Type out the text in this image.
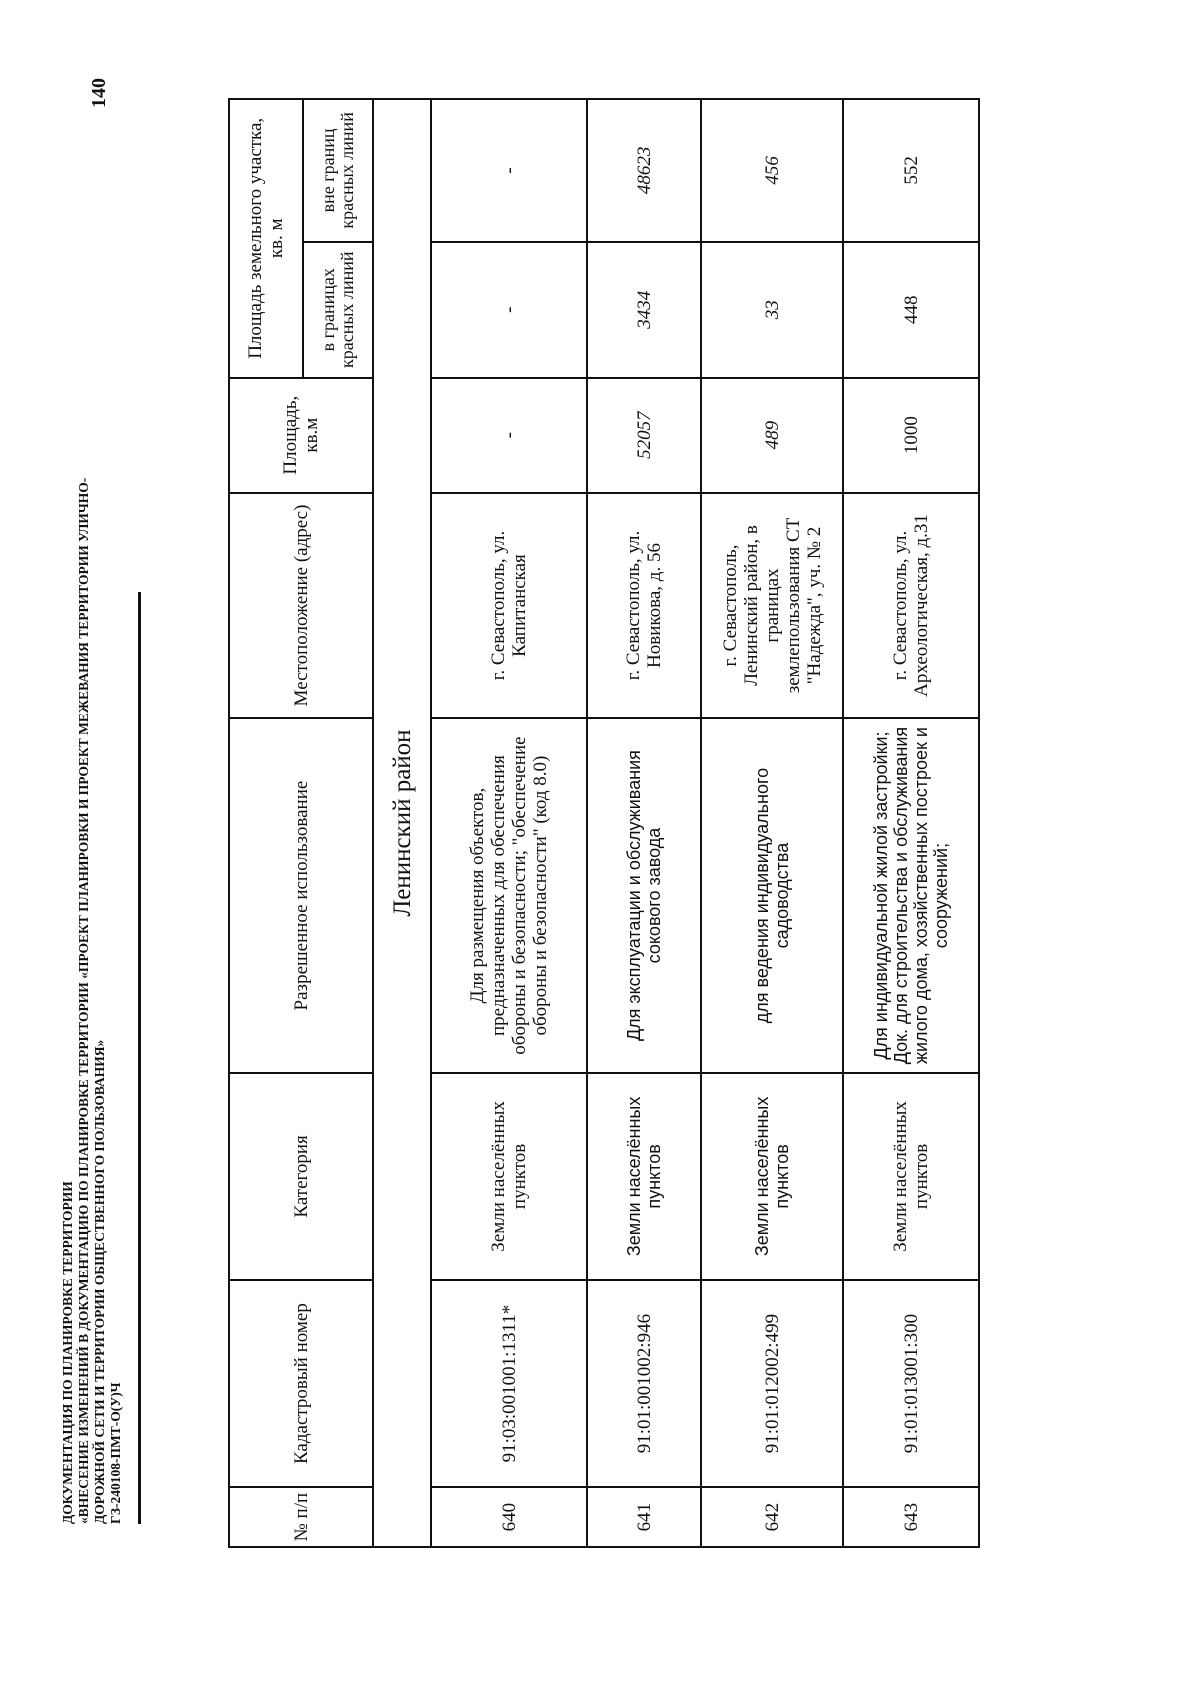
ДОКУМЕНТАЦИЯ ПО ПЛАНИРОВКЕ ТЕРРИТОРИИ «ВНЕСЕНИЕ ИЗМЕНЕНИЙ В ДОКУМЕНТАЦИЮ ПО ПЛАНИРОВКЕ ТЕРРИТОРИИ «ПРОЕКТ ПЛАНИРОВКИ И ПРОЕКТ МЕЖЕВАНИЯ ТЕРРИТОРИИ УЛИЧНО- ДОРОЖНОЙ СЕТИ И ТЕРРИТОРИИ ОБЩЕСТВЕННОГО ПОЛЬЗОВАНИЯ» ГЗ-240108-ПМТ-О(У)Ч
140
№ п/п	Кадастровый номер	Категория	Разрешенное использование	Местоположение (адрес)	Площадь, кв.м	Площадь земельного участка, кв. м	
						в границах красных линий	вне границ красных линий
Ленинский район							
640	91:03:001001:1311*	Земли населённых пунктов	Для размещения объектов, предназначенных для обеспечения обороны и безопасности; "обеспечение обороны и безопасности" (код 8.0)	г. Севастополь, ул. Капитанская	-	-	-
641	91:01:001002:946	Земли населённых пунктов	Для эксплуатации и обслуживания сокового завода	г. Севастополь, ул. Новикова, д. 56	52057	3434	48623
642	91:01:012002:499	Земли населённых пунктов	для ведения индивидуального садоводства	г. Севастополь, Ленинский район, в границах землепользования СТ "Надежда", уч. № 2	489	33	456
643	91:01:013001:300	Земли населённых пунктов	Для индивидуальной жилой застройки; Док. для строительства и обслуживания жилого дома, хозяйственных построек и сооружений;	г. Севастополь, ул. Археологическая, д.31	1000	448	552
